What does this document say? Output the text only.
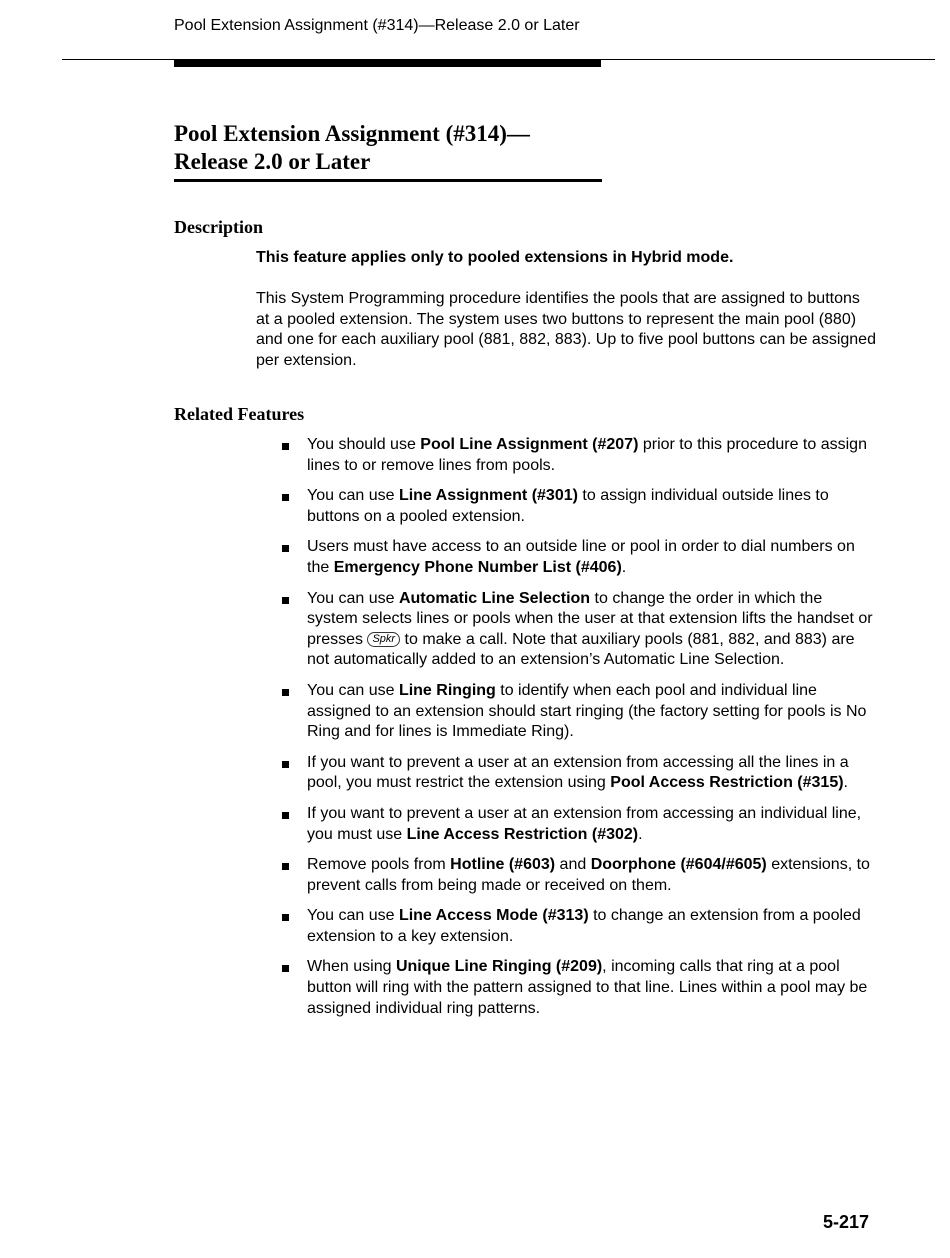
Pool Extension Assignment (#314)—Release 2.0 or Later
Pool Extension Assignment (#314)—Release 2.0 or Later
Description

This feature applies only to pooled extensions in Hybrid mode.

This System Programming procedure identifies the pools that are assigned to buttons at a pooled extension. The system uses two buttons to represent the main pool (880) and one for each auxiliary pool (881, 882, 883). Up to five pool buttons can be assigned per extension.

Related Features
You should use Pool Line Assignment (#207) prior to this procedure to assign lines to or remove lines from pools.
You can use Line Assignment (#301) to assign individual outside lines to buttons on a pooled extension.
Users must have access to an outside line or pool in order to dial numbers on the Emergency Phone Number List (#406).
You can use Automatic Line Selection to change the order in which the system selects lines or pools when the user at that extension lifts the handset or presses Spkr to make a call. Note that auxiliary pools (881, 882, and 883) are not automatically added to an extension’s Automatic Line Selection.
You can use Line Ringing to identify when each pool and individual line assigned to an extension should start ringing (the factory setting for pools is No Ring and for lines is Immediate Ring).
If you want to prevent a user at an extension from accessing all the lines in a pool, you must restrict the extension using Pool Access Restriction (#315).
If you want to prevent a user at an extension from accessing an individual line, you must use Line Access Restriction (#302).
Remove pools from Hotline (#603) and Doorphone (#604/#605) extensions, to prevent calls from being made or received on them.
You can use Line Access Mode (#313) to change an extension from a pooled extension to a key extension.
When using Unique Line Ringing (#209), incoming calls that ring at a pool button will ring with the pattern assigned to that line. Lines within a pool may be assigned individual ring patterns.
5-217
